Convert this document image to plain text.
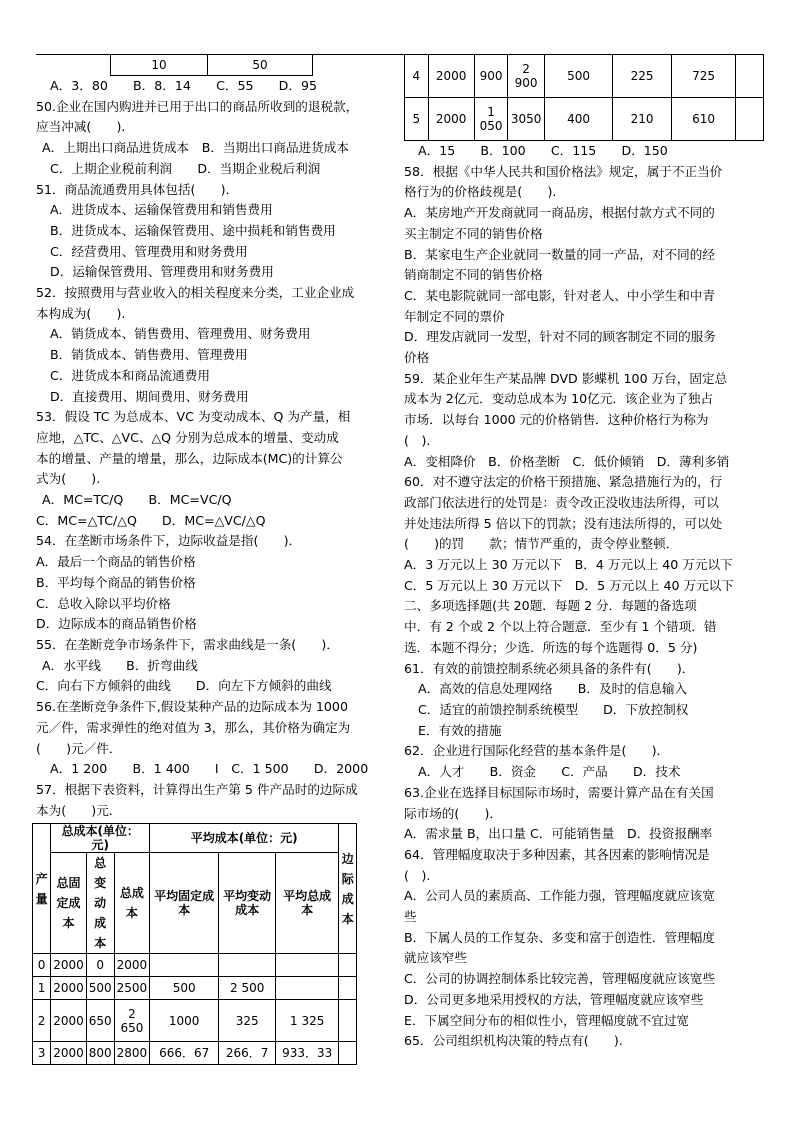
10	50
A．3．80　　B．8．14　　C．55　　D．95
50.企业在国内购进并已用于出口的商品所收到的退税款，
应当冲减(　　).
A．上期出口商品进货成本　B．当期出口商品进货成本
C．上期企业税前利润　　D．当期企业税后利润
51．商品流通费用具体包括(　　)．
A．进货成本、运输保管费用和销售费用
B．进货成本、运输保管费用、途中损耗和销售费用
C．经营费用、管理费用和财务费用
D．运输保管费用、管理费用和财务费用
52．按照费用与营业收入的相关程度来分类，工业企业成
本构成为(　　).
A．销货成本、销售费用、管理费用、财务费用
B．销货成本、销售费用、管理费用
C．进货成本和商品流通费用
D．直接费用、期间费用、财务费用
53．假设 TC 为总成本、VC 为变动成本、Q 为产量，相
应地，△TC、△VC、△Q 分别为总成本的增量、变动成
本的增量、产量的增量，那么，边际成本(MC)的计算公
式为(　　).
A．MC=TC/Q　　B．MC=VC/Q
C．MC=△TC/△Q　　D．MC=△VC/△Q
54．在垄断市场条件下，边际收益是指(　　)．
A．最后一个商品的销售价格
B．平均每个商品的销售价格
C．总收入除以平均价格
D．边际成本的商品销售价格
55．在垄断竞争市场条件下，需求曲线是一条(　　)．
A．水平线　　B．折弯曲线
C．向右下方倾斜的曲线　　D．向左下方倾斜的曲线
56.在垄断竞争条件下,假设某种产品的边际成本为 1000
元／件，需求弹性的绝对值为 3，那么，其价格为确定为
(　　)元／件．
A．1 200　　B．1 400　　I　C．1 500　　D．2000
57．根据下表资料，计算得出生产第 5 件产品时的边际成
本为(　　)元．
产量	总成本(单位：元)			平均成本(单位：元)			边际成本
	总固定成本	总变动成本	总成本	平均固定成本	平均变动成本	平均总成本	
0	2000	0	2000				
1	2000	500	2500	500	2 500		
2	2000	650	2 650	1000	325	1 325	
3	2000	800	2800	666．67	266．7	933．33	
4	2000	900	2 900	500	225	725	
5	2000	1 050	3050	400	210	610	
A．15　　B．100　　C．115　　D．150
58．根据《中华人民共和国价格法》规定，属于不正当价
格行为的价格歧视是(　　).
A．某房地产开发商就同一商品房，根据付款方式不同的
买主制定不同的销售价格
B．某家电生产企业就同一数量的同一产品，对不同的经
销商制定不同的销售价格
C．某电影院就同一部电影，针对老人、中小学生和中青
年制定不同的票价
D．理发店就同一发型，针对不同的顾客制定不同的服务
价格
59．某企业年生产某品牌 DVD 影蝶机 100 万台，固定总
成本为 2亿元．变动总成本为 10亿元．该企业为了独占
市场．以每台 1000 元的价格销售．这种价格行为称为
(　).
A．变相降价　B．价格垄断　C．低价倾销　D．薄利多销
60．对不遵守法定的价格干预措施、紧急措施行为的，行
政部门依法进行的处罚是：责令改正没收违法所得，可以
并处违法所得 5 倍以下的罚款；没有违法所得的，可以处
(　　)的罚　　款；情节严重的，责令停业整顿．
A．3 万元以上 30 万元以下　B．4 万元以上 40 万元以下
C．5 万元以上 30 万元以下　D．5 万元以上 40 万元以下
二、多项选择题(共 20题．每题 2 分．每题的备选项
中．有 2 个或 2 个以上符合题意．至少有 1 个错项．错
选．本题不得分；少选．所选的每个选题得 0．5 分)
61．有效的前馈控制系统必须具备的条件有(　　)．
A．高效的信息处理网络　　B．及时的信息输入
C．适宜的前馈控制系统模型　　D．下放控制权
E．有效的措施
62．企业进行国际化经营的基本条件是(　　)．
A．人才　　B．资金　　C．产品　　D．技术
63.企业在选择目标国际市场时，需要计算产品在有关国
际市场的(　　)．
A．需求量 B，出口量 C．可能销售量　D．投资报酬率
64．管理幅度取决于多种因素，其各因素的影响情况是
(　).
A．公司人员的素质高、工作能力强，管理幅度就应该宽
些
B．下属人员的工作复杂、多变和富于创造性．管理幅度
就应该窄些
C．公司的协调控制体系比较完善，管理幅度就应该宽些
D．公司更多地采用授权的方法，管理幅度就应该窄些
E．下属空间分布的相似性小，管理幅度就不宜过宽
65．公司组织机构决策的特点有(　　).
